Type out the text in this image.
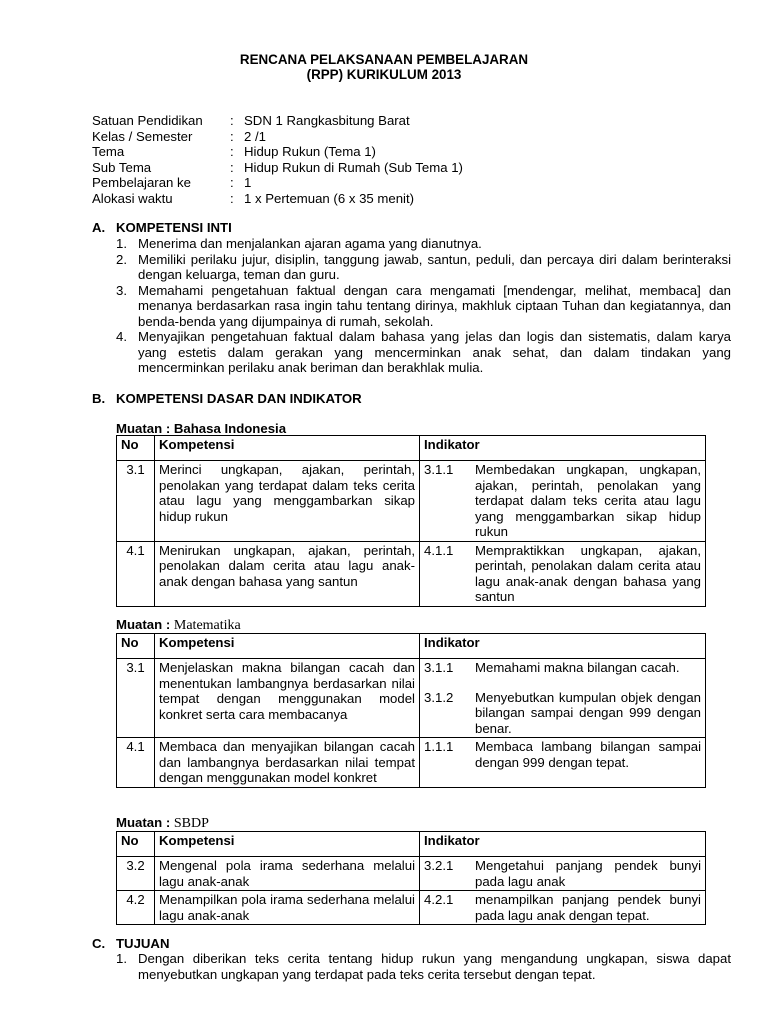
RENCANA PELAKSANAAN PEMBELAJARAN
(RPP) KURIKULUM 2013
Satuan Pendidikan : SDN 1 Rangkasbitung Barat
Kelas / Semester	: 2 /1
Tema	: Hidup Rukun (Tema 1)
Sub Tema	: Hidup Rukun di Rumah (Sub Tema 1)
Pembelajaran ke	: 1
Alokasi waktu	: 1 x Pertemuan (6 x 35 menit)
A. KOMPETENSI INTI
1. Menerima dan menjalankan ajaran agama yang dianutnya.
2. Memiliki perilaku jujur, disiplin, tanggung jawab, santun, peduli, dan percaya diri dalam berinteraksi dengan keluarga, teman dan guru.
3. Memahami pengetahuan faktual dengan cara mengamati [mendengar, melihat, membaca] dan menanya berdasarkan rasa ingin tahu tentang dirinya, makhluk ciptaan Tuhan dan kegiatannya, dan benda-benda yang dijumpainya di rumah, sekolah.
4. Menyajikan pengetahuan faktual dalam bahasa yang jelas dan logis dan sistematis, dalam karya yang estetis dalam gerakan yang mencerminkan anak sehat, dan dalam tindakan yang mencerminkan perilaku anak beriman dan berakhlak mulia.
B. KOMPETENSI DASAR DAN INDIKATOR
Muatan : Bahasa Indonesia
No	Kompetensi	Indikator
3.1	Merinci ungkapan, ajakan, perintah, penolakan yang terdapat dalam teks cerita atau lagu yang menggambarkan sikap hidup rukun	3.1.1 Membedakan ungkapan, ungkapan, ajakan, perintah, penolakan yang terdapat dalam teks cerita atau lagu yang menggambarkan sikap hidup rukun

4.1	Menirukan ungkapan, ajakan, perintah, penolakan dalam cerita atau lagu anak-anak dengan bahasa yang santun	4.1.1 Mempraktikkan ungkapan, ajakan, perintah, penolakan dalam cerita atau lagu anak-anak dengan bahasa yang santun
Muatan : Matematika
No	Kompetensi	Indikator
3.1	Menjelaskan makna bilangan cacah dan menentukan lambangnya berdasarkan nilai tempat dengan menggunakan model konkret serta cara membacanya	3.1.1 Memahami makna bilangan cacah.
3.1.2 Menyebutkan kumpulan objek dengan bilangan sampai dengan 999 dengan benar.

4.1	Membaca dan menyajikan bilangan cacah dan lambangnya berdasarkan nilai tempat dengan menggunakan model konkret	1.1.1 Membaca lambang bilangan sampai dengan 999 dengan tepat.
Muatan : SBDP
No	Kompetensi	Indikator
3.2	Mengenal pola irama sederhana melalui lagu anak-anak	3.2.1 Mengetahui panjang pendek bunyi pada lagu anak

4.2	Menampilkan pola irama sederhana melalui lagu anak-anak	4.2.1 menampilkan panjang pendek bunyi pada lagu anak dengan tepat.
C. TUJUAN
1. Dengan diberikan teks cerita tentang hidup rukun yang mengandung ungkapan, siswa dapat menyebutkan ungkapan yang terdapat pada teks cerita tersebut dengan tepat.
